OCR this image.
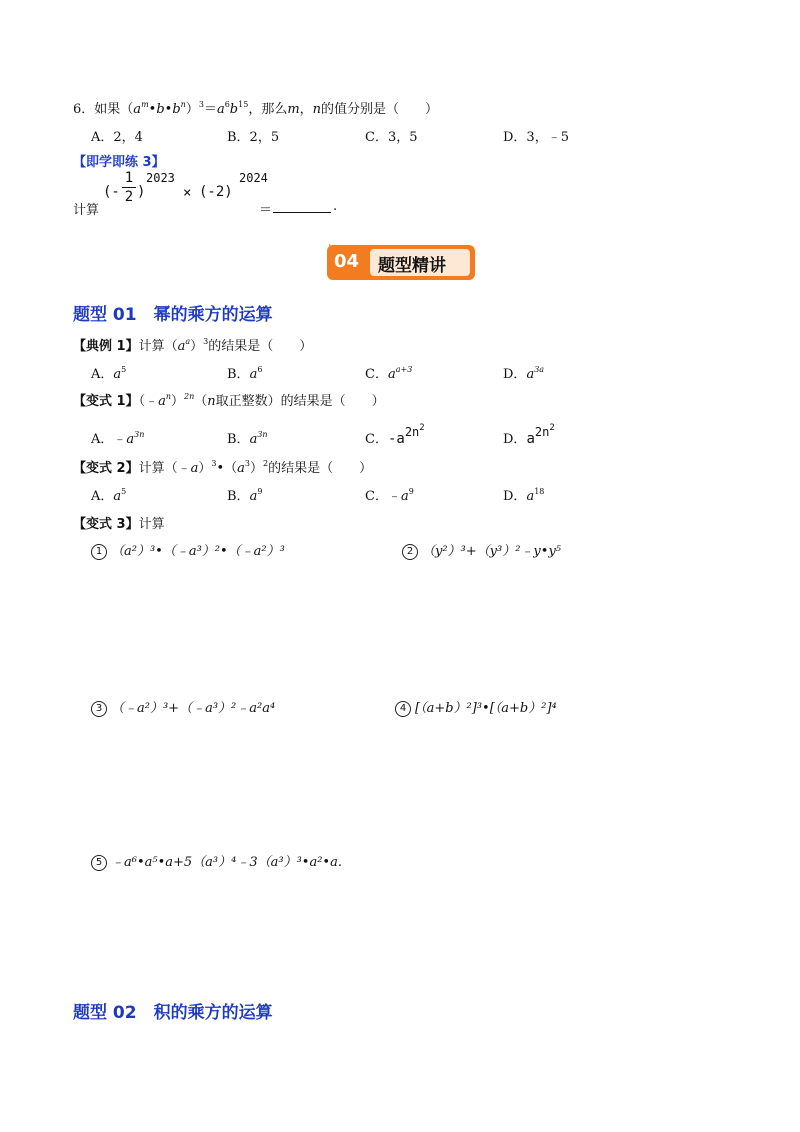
6．如果$(a^m•b•b^n)^3=a^6b^{15}$，那么m，n的值分别是（　　）
A．2，4	B．2，5	C．3，5	D．3，﹣5
【即学即练 3】
计算
(-
1
2 )
2023
× (-2)
2024
＝	.
04 题型精讲
题型 01　幂的乘方的运算
【典例 1】计算$(a^a)^3$的结果是（　　）
A．$a^5$	B．$a^6$	C．$a^{a+3}$	D．$a^{3a}$
【变式 1】$(﹣a^n)^{2n}(n$取正整数）的结果是（　　）
A．$﹣a^{3n}$	B．$a^{3n}$	C．$-a2n^2$
D．$a2n^2$
【变式 2】计算$(﹣a)^3•(a^3)^2$的结果是（　　）
A．$a^5$	B．$a^9$	C．$﹣a^9$	D．$a^{18}$
【变式 3】计算
1 （a²）³•（﹣a³）²•（﹣a²）³	2 （y²）³+（y³）²﹣y•y⁵
3 （﹣a²）³+（﹣a³）²﹣a²a⁴	4 [（a+b）²]³•[（a+b）²]⁴
5 ﹣a⁶•a⁵•a+5（a³）⁴﹣3（a³）³•a²•a.
题型 02　积的乘方的运算
